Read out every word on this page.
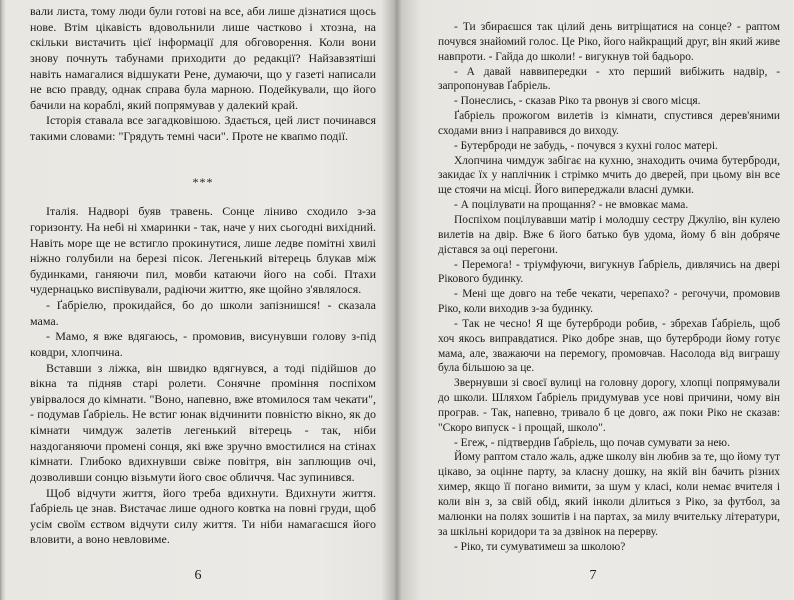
вали листа, тому люди були готові на все, аби лише дізнатися щось нове. Втім цікавість вдовольнили лише частково і хтозна, на скільки вистачить цієї інформації для обговорення. Коли вони знову почнуть табунами приходити до редакції? Найзавзятіші навіть намагалися відшукати Рене, думаючи, що у газеті написали не всю правду, однак справа була марною. Подейкували, що його бачили на кораблі, який попрямував у далекий край.

Історія ставала все загадковішою. Здається, цей лист починався такими словами: "Грядуть темні часи". Проте не квапмо події.

***

Італія. Надворі буяв травень. Сонце ліниво сходило з-за горизонту. На небі ні хмаринки - так, наче у них сьогодні вихідний. Навіть море ще не встигло прокинутися, лише ледве помітні хвилі ніжно голубили на березі пісок. Легенький вітерець блукав між будинками, ганяючи пил, мовби катаючи його на собі. Птахи чудернацько виспівували, радіючи життю, яке щойно з'являлося.

- Ґабріелю, прокидайся, бо до школи запізнишся! - сказала мама.

- Мамо, я вже вдягаюсь, - промовив, висунувши голову з-під ковдри, хлопчина.

Вставши з ліжка, він швидко вдягнувся, а тоді підійшов до вікна та підняв старі ролети. Сонячне проміння поспіхом увірвалося до кімнати. "Воно, напевно, вже втомилося там чекати", - подумав Ґабріель. Не встиг юнак відчинити повністю вікно, як до кімнати чимдуж залетів легенький вітерець - так, ніби наздоганяючи промені сонця, які вже зручно вмостилися на стінах кімнати. Глибоко вдихнувши свіже повітря, він заплющив очі, дозволивши сонцю візьмути його своє обличчя. Час зупинився.

Щоб відчути життя, його треба вдихнути. Вдихнути життя. Ґабріель це знав. Вистачає лише одного ковтка на повні груди, щоб усім своїм єством відчути силу життя. Ти ніби намагаєшся його вловити, а воно невловиме.

6

- Ти збираєшся так цілий день витріщатися на сонце? - раптом почувся знайомий голос. Це Ріко, його найкращий друг, він який живе навпроти. - Гайда до школи! - вигукнув той бадьоро.

- А давай наввипередки - хто перший вибіжить надвір, - запропонував Ґабріель.

- Понеслись, - сказав Ріко та рвонув зі свого місця.

Ґабріель прожогом вилетів із кімнати, спустився дерев'яними сходами вниз і направився до виходу.

- Бутерброди не забудь, - почувся з кухні голос матері.

Хлопчина чимдуж забігає на кухню, знаходить очима бутерброди, закидає їх у наплічник і стрімко мчить до дверей, при цьому він все ще стоячи на місці. Його випереджали власні думки.

- А поцілувати на прощання? - не вмовкає мама.

Поспіхом поцілувавши матір і молодшу сестру Джулію, він кулею вилетів на двір. Вже 6 його батько був удома, йому б він добряче дістався за оці перегони.

- Перемога! - тріумфуючи, вигукнув Ґабріель, дивлячись на двері Рікового будинку.

- Мені ще довго на тебе чекати, черепахо? - регочучи, промовив Ріко, коли виходив з-за будинку.

- Так не чесно! Я ще бутерброди робив, - збрехав Ґабріель, щоб хоч якось виправдатися. Ріко добре знав, що бутерброди йому готує мама, але, зважаючи на перемогу, промовчав. Насолода від виграшу була більшою за це.

Звернувши зі своєї вулиці на головну дорогу, хлопці попрямували до школи. Шляхом Ґабріель придумував усе нові причини, чому він програв. - Так, напевно, тривало б це довго, аж поки Ріко не сказав: "Скоро випуск - і прощай, школо".

- Егеж, - підтвердив Ґабріель, що почав сумувати за нею.

Йому раптом стало жаль, адже школу він любив за те, що йому тут цікаво, за оцінне парту, за класну дошку, на якій він бачить різних химер, якщо її погано вимити, за шум у класі, коли немає вчителя і коли він з, за свій обід, який інколи ділиться з Ріко, за футбол, за малюнки на полях зошитів і на партах, за милу вчительку літератури, за шкільні коридори та за дзвінок на перерву.

- Ріко, ти сумуватимеш за школою?

7
